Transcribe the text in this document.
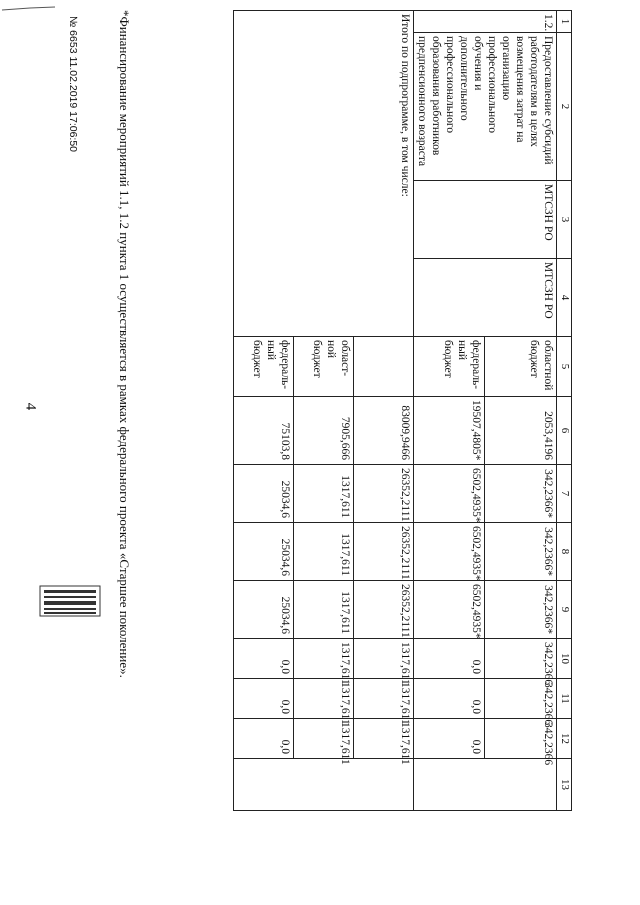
4
1	2	3	4	5	6	7	8	9	10	11	12	13
1.2.	Предоставление субсидий работодателям в целях возмещения затрат на организацию профессионального обучения и дополнительного профессионального образования работников предпенсионного возраста	МТСЗН РО	МТСЗН РО	областной бюджет	2053,4196	342,2366*	342,2366*	342,2366*	342,2366	342,2366	342,2366	
				федераль-ный бюджет	19507,4805*	6502,4935*	6502,4935*	6502,4935*	0,0	0,0	0,0	
Итого по подпрограмме, в том числе:					83009,9466	26352,2111	26352,2111	26352,2111	1317,611	1317,611	1317,611	
				област-ной бюджет	7905,666	1317,611	1317,611	1317,611	1317,611	1317,611	1317,611	
				федераль-ный бюджет	75103,8	25034,6	25034,6	25034,6	0,0	0,0	0,0	
*Финансирование мероприятий 1.1, 1.2 пункта 1 осуществляется в рамках федерального проекта «Старшее поколение».
№ 6653 11.02.2019 17:06:50
